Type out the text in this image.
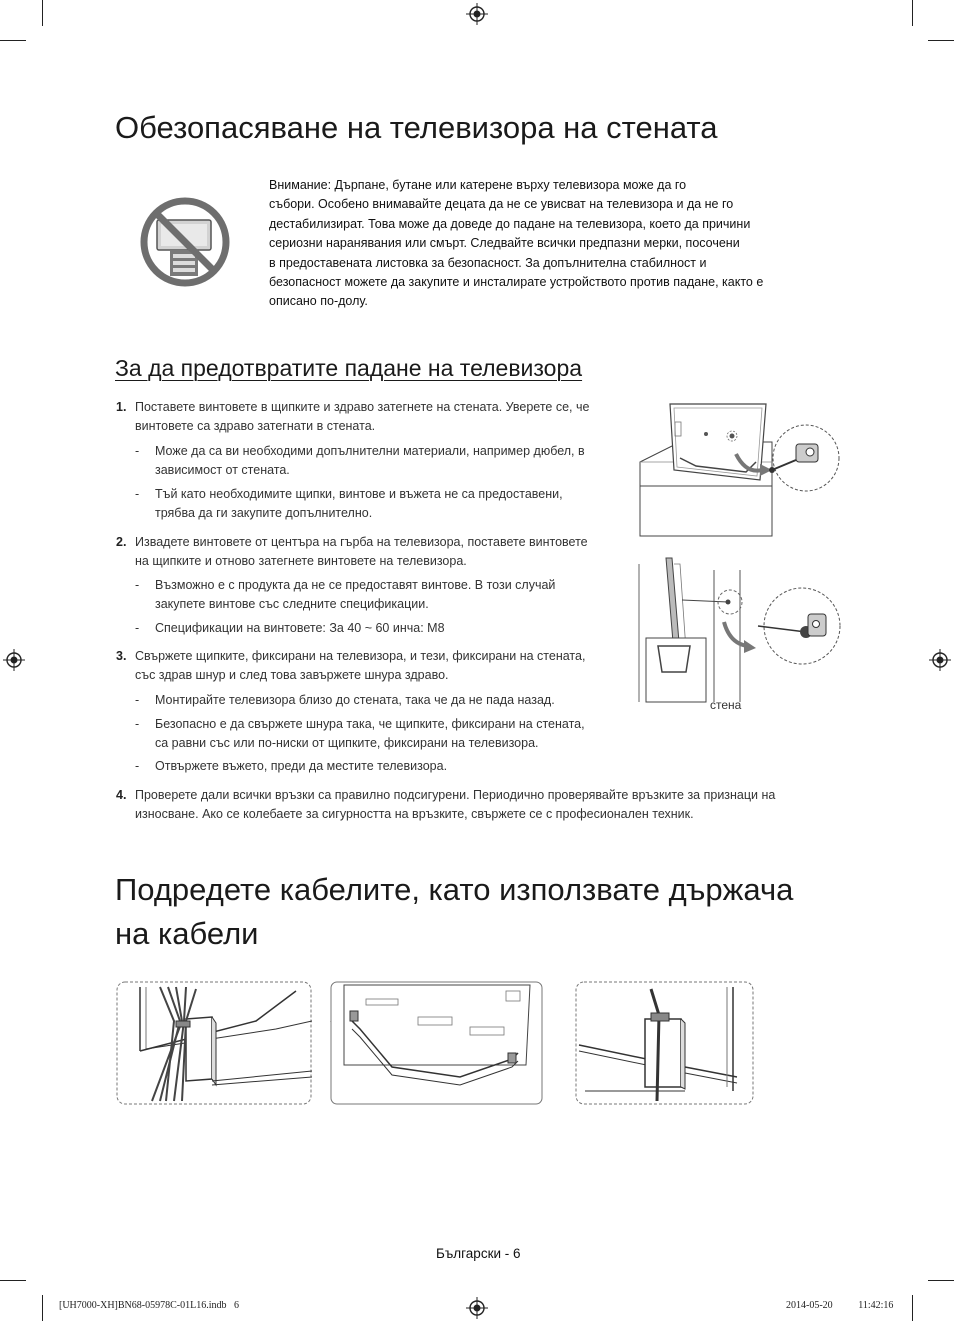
Обезопасяване на телевизора на стената
Внимание: Дърпане, бутане или катерене върху телевизора може да го
събори. Особено внимавайте децата да не се увисват на телевизора и да не го
дестабилизират. Това може да доведе до падане на телевизора, което да причини
сериозни наранявания или смърт. Следвайте всички предпазни мерки, посочени
в предоставената листовка за безопасност. За допълнителна стабилност и
безопасност можете да закупите и инсталирате устройството против падане, както е
описано по-долу.
За да предотвратите падане на телевизора
1. Поставете винтовете в щипките и здраво затегнете на стената. Уверете се, че
винтовете са здраво затегнати в стената.
- Може да са ви необходими допълнителни материали, например дюбел, в
зависимост от стената.
- Тъй като необходимите щипки, винтове и въжета не са предоставени,
трябва да ги закупите допълнително.
2. Извадете винтовете от центъра на гърба на телевизора, поставете винтовете
на щипките и отново затегнете винтовете на телевизора.
- Възможно е с продукта да не се предоставят винтове. В този случай
закупете винтове със следните спецификации.
- Спецификации на винтовете: За 40 ~ 60 инча: M8
3. Свържете щипките, фиксирани на телевизора, и тези, фиксирани на стената,
със здрав шнур и след това завържете шнура здраво.
- Монтирайте телевизора близо до стената, така че да не пада назад.
- Безопасно е да свържете шнура така, че щипките, фиксирани на стената,
са равни със или по-ниски от щипките, фиксирани на телевизора.
- Отвържете въжето, преди да местите телевизора.
4. Проверете дали всички връзки са правилно подсигурени. Периодично проверявайте връзките за признаци на
износване. Ако се колебаете за сигурността на връзките, свържете се с професионален техник.
стена
Подредете кабелите, като използвате държача
на кабели
Български - 6
[UH7000-XH]BN68-05978C-01L16.indb   6	2014-05-20   ￿￿ 11:42:16
